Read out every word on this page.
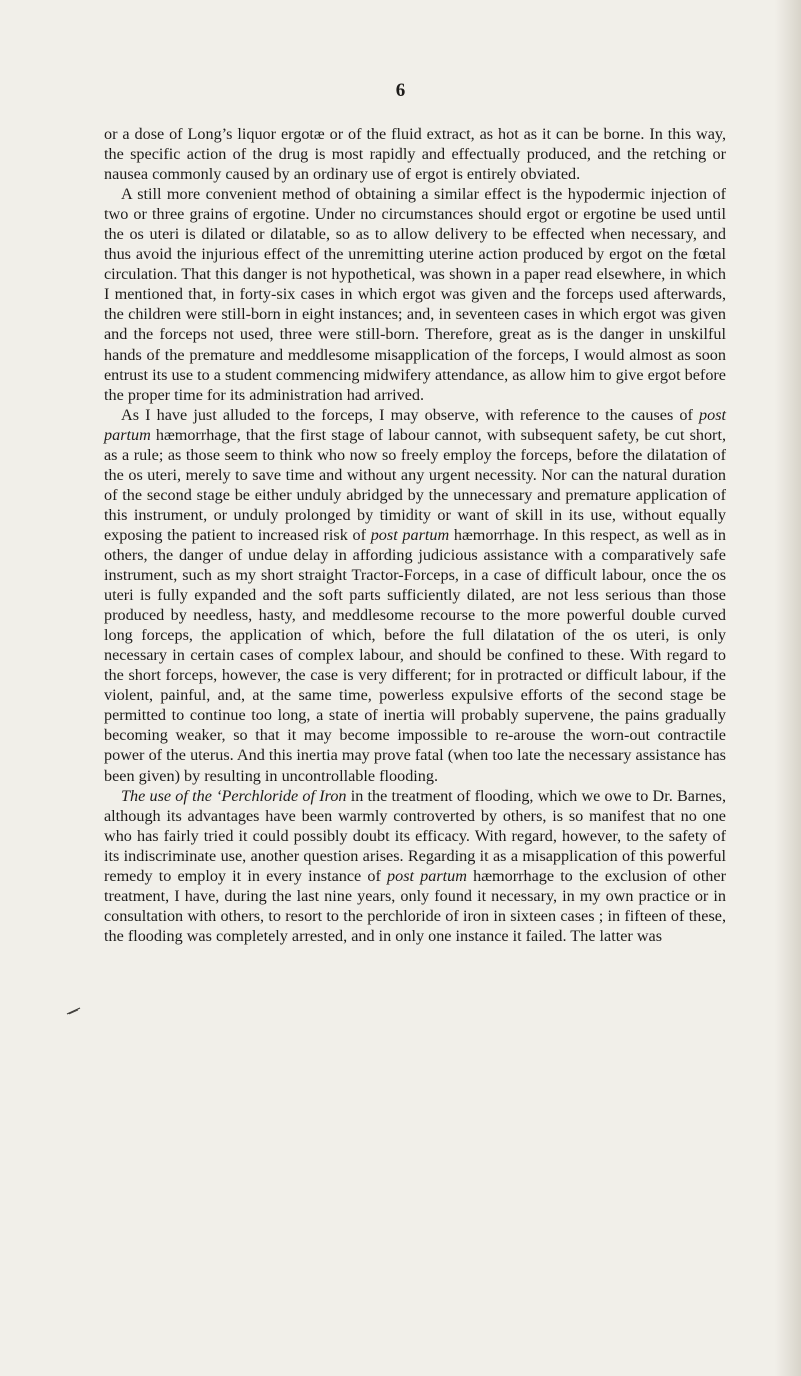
6

or a dose of Long’s liquor ergotæ or of the fluid extract, as hot as it can be borne. In this way, the specific action of the drug is most rapidly and effectually produced, and the retching or nausea commonly caused by an ordinary use of ergot is entirely obviated.

A still more convenient method of obtaining a similar effect is the hypodermic injection of two or three grains of ergotine. Under no circumstances should ergot or ergotine be used until the os uteri is dilated or dilatable, so as to allow delivery to be effected when necessary, and thus avoid the injurious effect of the unremitting uterine action produced by ergot on the fœtal circulation. That this danger is not hypothetical, was shown in a paper read elsewhere, in which I mentioned that, in forty-six cases in which ergot was given and the forceps used afterwards, the children were still-born in eight instances; and, in seventeen cases in which ergot was given and the forceps not used, three were still-born. Therefore, great as is the danger in unskilful hands of the premature and meddlesome misapplication of the forceps, I would almost as soon entrust its use to a student commencing midwifery attendance, as allow him to give ergot before the proper time for its administration had arrived.

As I have just alluded to the forceps, I may observe, with reference to the causes of post partum hæmorrhage, that the first stage of labour cannot, with subsequent safety, be cut short, as a rule; as those seem to think who now so freely employ the forceps, before the dilatation of the os uteri, merely to save time and without any urgent necessity. Nor can the natural duration of the second stage be either unduly abridged by the unnecessary and premature application of this instrument, or unduly prolonged by timidity or want of skill in its use, without equally exposing the patient to increased risk of post partum hæmorrhage. In this respect, as well as in others, the danger of undue delay in affording judicious assistance with a comparatively safe instrument, such as my short straight Tractor-Forceps, in a case of difficult labour, once the os uteri is fully expanded and the soft parts sufficiently dilated, are not less serious than those produced by needless, hasty, and meddlesome recourse to the more powerful double curved long forceps, the application of which, before the full dilatation of the os uteri, is only necessary in certain cases of complex labour, and should be confined to these. With regard to the short forceps, however, the case is very different; for in protracted or difficult labour, if the violent, painful, and, at the same time, powerless expulsive efforts of the second stage be permitted to continue too long, a state of inertia will probably supervene, the pains gradually becoming weaker, so that it may become impossible to re-arouse the worn-out contractile power of the uterus. And this inertia may prove fatal (when too late the necessary assistance has been given) by resulting in uncontrollable flooding.

The use of the ‘Perchloride of Iron in the treatment of flooding, which we owe to Dr. Barnes, although its advantages have been warmly controverted by others, is so manifest that no one who has fairly tried it could possibly doubt its efficacy. With regard, however, to the safety of its indiscriminate use, another question arises. Regarding it as a misapplication of this powerful remedy to employ it in every instance of post partum hæmorrhage to the exclusion of other treatment, I have, during the last nine years, only found it necessary, in my own practice or in consultation with others, to resort to the perchloride of iron in sixteen cases ; in fifteen of these, the flooding was completely arrested, and in only one instance it failed. The latter was
